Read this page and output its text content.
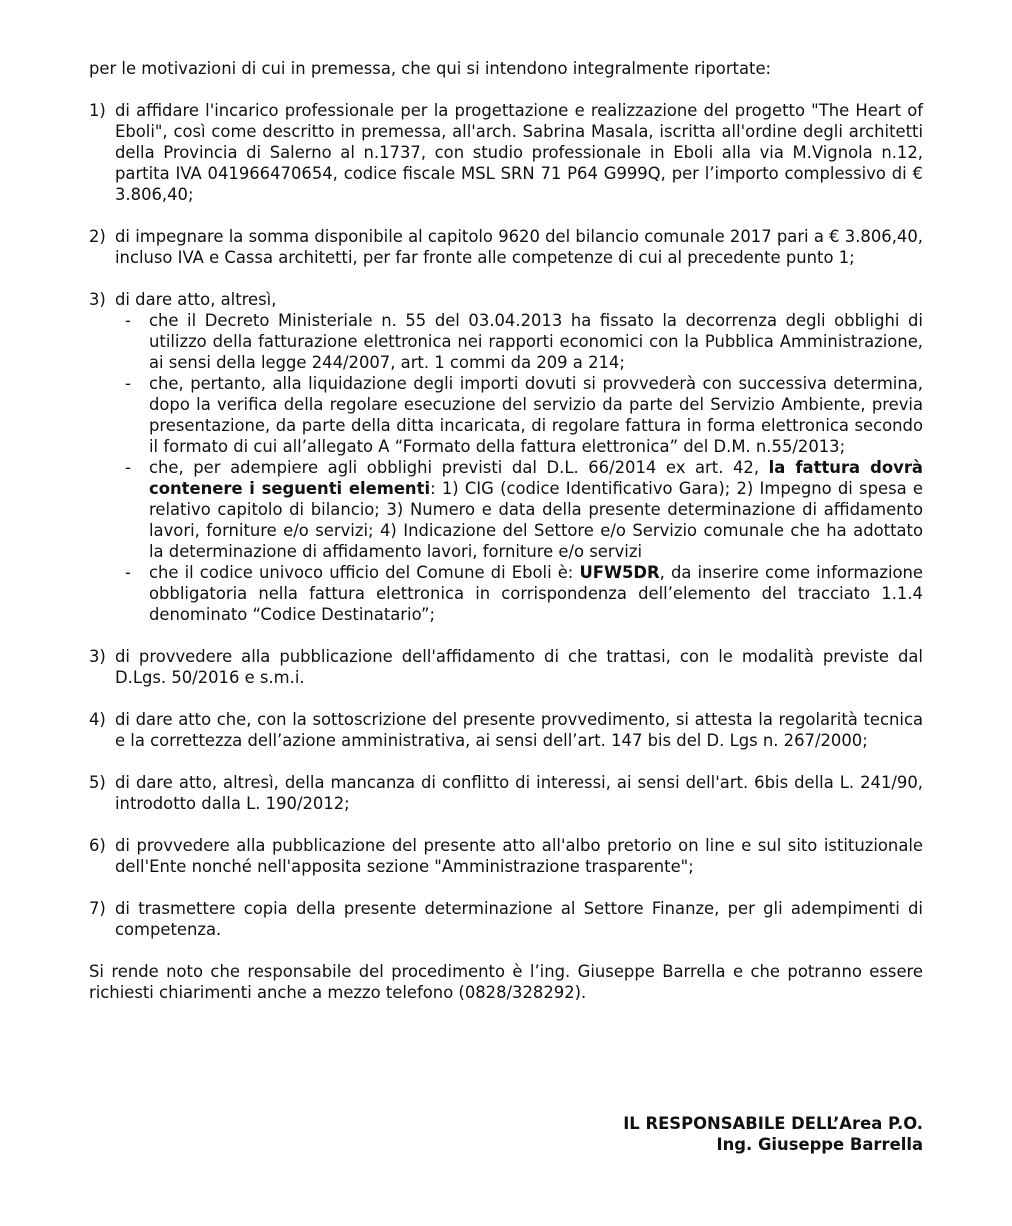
per le motivazioni di cui in premessa, che qui si intendono integralmente riportate:

1) di affidare l'incarico professionale per la progettazione e realizzazione del progetto "The Heart of Eboli", così come descritto in premessa, all'arch. Sabrina Masala, iscritta all'ordine degli architetti della Provincia di Salerno al n.1737, con studio professionale in Eboli alla via M.Vignola n.12, partita IVA 041966470654, codice fiscale MSL SRN 71 P64 G999Q, per l’importo complessivo di € 3.806,40;
2) di impegnare la somma disponibile al capitolo 9620 del bilancio comunale 2017 pari a € 3.806,40, incluso IVA e Cassa architetti, per far fronte alle competenze di cui al precedente punto 1;
3) di dare atto, altresì,
-	che il Decreto Ministeriale n. 55 del 03.04.2013 ha fissato la decorrenza degli obblighi di utilizzo della fatturazione elettronica nei rapporti economici con la Pubblica Amministrazione, ai sensi della legge 244/2007, art. 1 commi da 209 a 214;
-	che, pertanto, alla liquidazione degli importi dovuti si provvederà con successiva determina, dopo la verifica della regolare esecuzione del servizio da parte del Servizio Ambiente, previa presentazione, da parte della ditta incaricata, di regolare fattura in forma elettronica secondo il formato di cui all’allegato A “Formato della fattura elettronica” del D.M. n.55/2013;
-	che, per adempiere agli obblighi previsti dal D.L. 66/2014 ex art. 42, la fattura dovrà contenere i seguenti elementi: 1) CIG (codice Identificativo Gara); 2) Impegno di spesa e relativo capitolo di bilancio; 3) Numero e data della presente determinazione di affidamento lavori, forniture e/o servizi; 4) Indicazione del Settore e/o Servizio comunale che ha adottato la determinazione di affidamento lavori, forniture e/o servizi
-	che il codice univoco ufficio del Comune di Eboli è: UFW5DR, da inserire come informazione obbligatoria nella fattura elettronica in corrispondenza dell’elemento del tracciato 1.1.4 denominato “Codice Destinatario”;
3) di provvedere alla pubblicazione dell'affidamento di che trattasi, con le modalità previste dal D.Lgs. 50/2016 e s.m.i.
4) di dare atto che, con la sottoscrizione del presente provvedimento, si attesta la regolarità tecnica e la correttezza dell’azione amministrativa, ai sensi dell’art. 147 bis del D. Lgs n. 267/2000;
5) di dare atto, altresì, della mancanza di conflitto di interessi, ai sensi dell'art. 6bis della L. 241/90, introdotto dalla L. 190/2012;
6) di provvedere alla pubblicazione del presente atto all'albo pretorio on line e sul sito istituzionale dell'Ente nonché nell'apposita sezione "Amministrazione trasparente";
7) di trasmettere copia della presente determinazione al Settore Finanze, per gli adempimenti di competenza.

Si rende noto che responsabile del procedimento è l’ing. Giuseppe Barrella e che potranno essere richiesti chiarimenti anche a mezzo telefono (0828/328292).

IL RESPONSABILE DELL’Area P.O.
Ing. Giuseppe Barrella
